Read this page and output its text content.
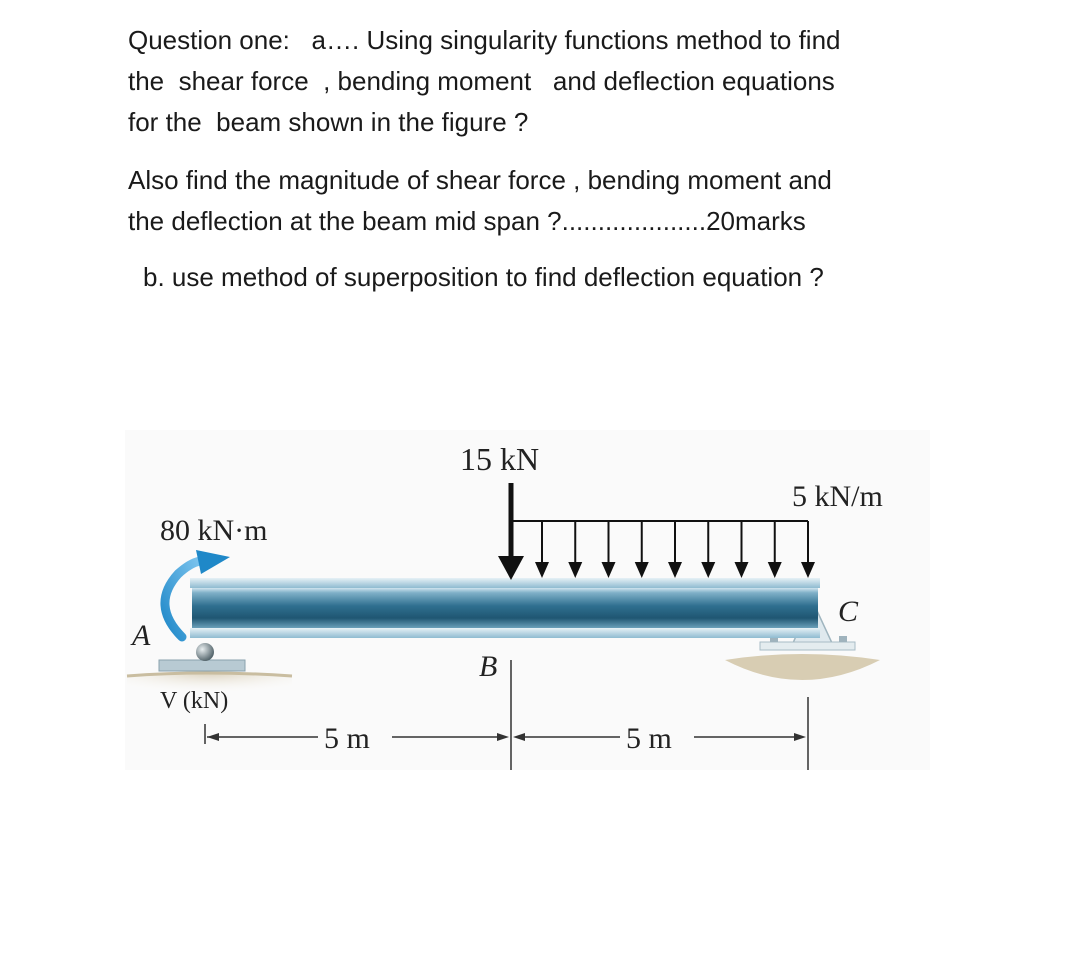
Question one:   a…. Using singularity functions method to find
the  shear force  , bending moment   and deflection equations
for the  beam shown in the figure ?
Also find the magnitude of shear force , bending moment and
the deflection at the beam mid span ?....................20marks
b. use method of superposition to find deflection equation ?
15 kN
5 kN/m
80 kN·m
A
B
C
V (kN)
5 m	5 m
